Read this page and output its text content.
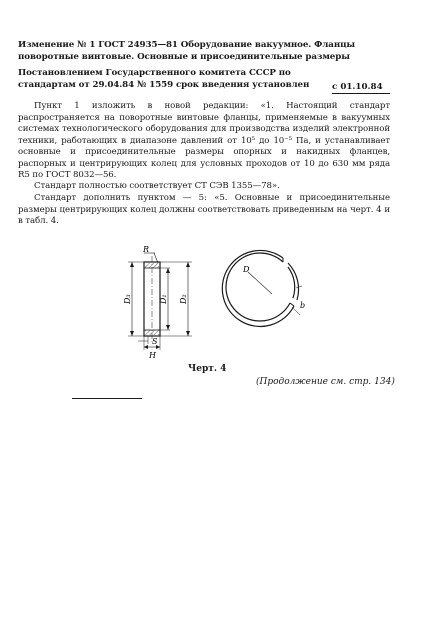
Изменение № 1 ГОСТ 24935—81 Оборудование вакуумное. Фланцы поворотные винтовые. Основные и присоединительные размеры
Постановлением Государственного комитета СССР по стандартам от 29.04.84 № 1559 срок введения установлен	с 01.10.84
Пункт 1 изложить в новой редакции: «1. Настоящий стандарт распространяется на поворотные винтовые фланцы, применяемые в вакуумных системах технологического оборудования для производства изделий электронной техники, работающих в диапазоне давлений от 10⁵ до 10⁻⁵ Па, и устанавливает основные и присоединительные размеры опорных и накидных фланцев, распорных и центрирующих колец для условных проходов от 10 до 630 мм ряда R5 по ГОСТ 8032—56.
Стандарт полностью соответствует СТ СЭВ 1355—78».
Стандарт дополнить пунктом — 5: «5. Основные и присоединительные размеры центрирующих колец должны соответствовать приведенным на черт. 4 и в табл. 4.
R
D₃	D₁ D₂
S
H
D
b
Черт. 4
(Продолжение см. стр. 134)
